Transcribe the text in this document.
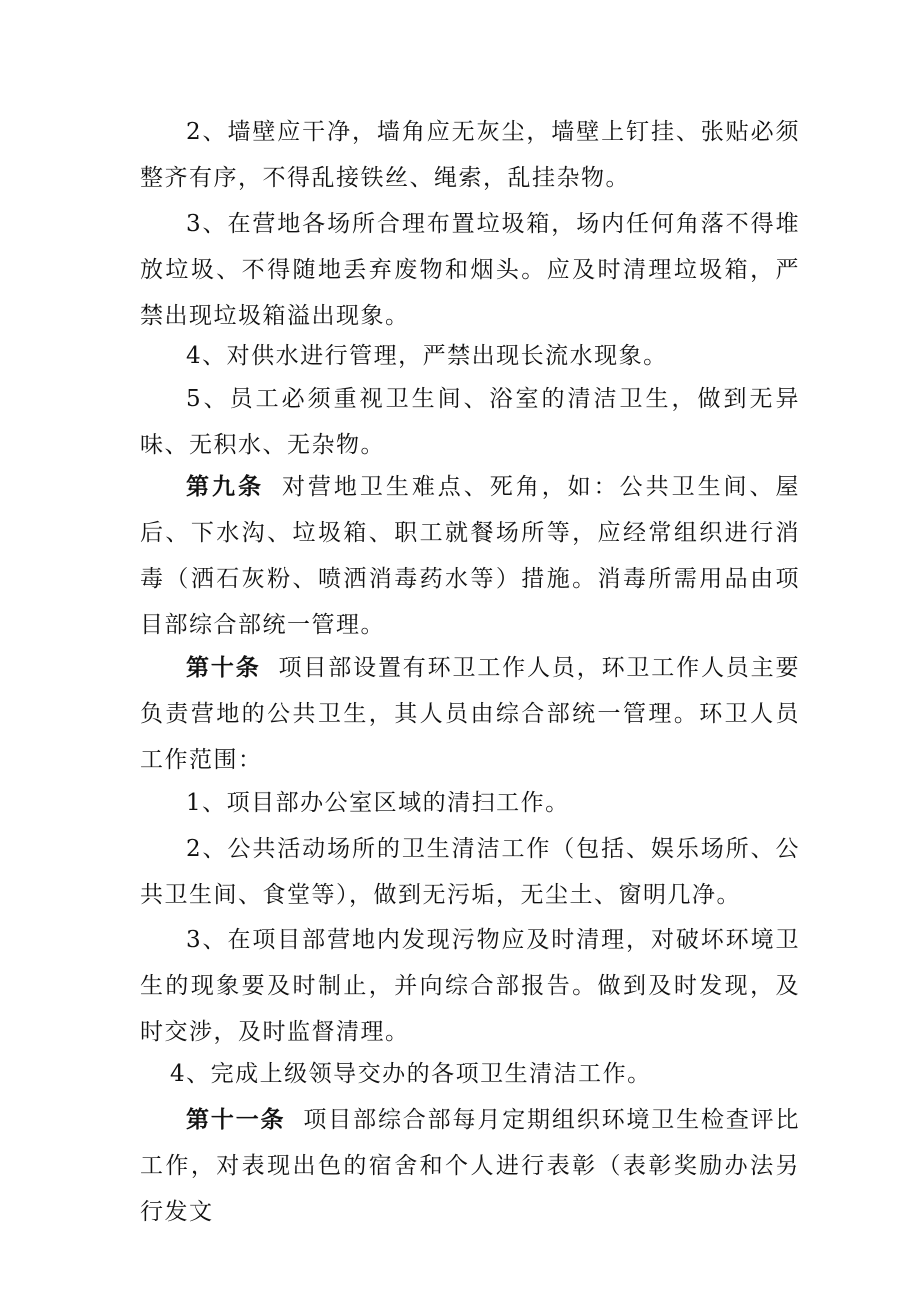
2、墙壁应干净，墙角应无灰尘，墙壁上钉挂、张贴必须整齐有序，不得乱接铁丝、绳索，乱挂杂物。

3、在营地各场所合理布置垃圾箱，场内任何角落不得堆放垃圾、不得随地丢弃废物和烟头。应及时清理垃圾箱，严禁出现垃圾箱溢出现象。

4、对供水进行管理，严禁出现长流水现象。

5、员工必须重视卫生间、浴室的清洁卫生，做到无异味、无积水、无杂物。

第九条 对营地卫生难点、死角，如：公共卫生间、屋后、下水沟、垃圾箱、职工就餐场所等，应经常组织进行消毒（洒石灰粉、喷洒消毒药水等）措施。消毒所需用品由项目部综合部统一管理。

第十条 项目部设置有环卫工作人员，环卫工作人员主要负责营地的公共卫生，其人员由综合部统一管理。环卫人员工作范围：

1、项目部办公室区域的清扫工作。

2、公共活动场所的卫生清洁工作（包括、娱乐场所、公共卫生间、食堂等），做到无污垢，无尘土、窗明几净。

3、在项目部营地内发现污物应及时清理，对破坏环境卫生的现象要及时制止，并向综合部报告。做到及时发现，及时交涉，及时监督清理。

4、完成上级领导交办的各项卫生清洁工作。

第十一条 项目部综合部每月定期组织环境卫生检查评比工作，对表现出色的宿舍和个人进行表彰（表彰奖励办法另行发文
